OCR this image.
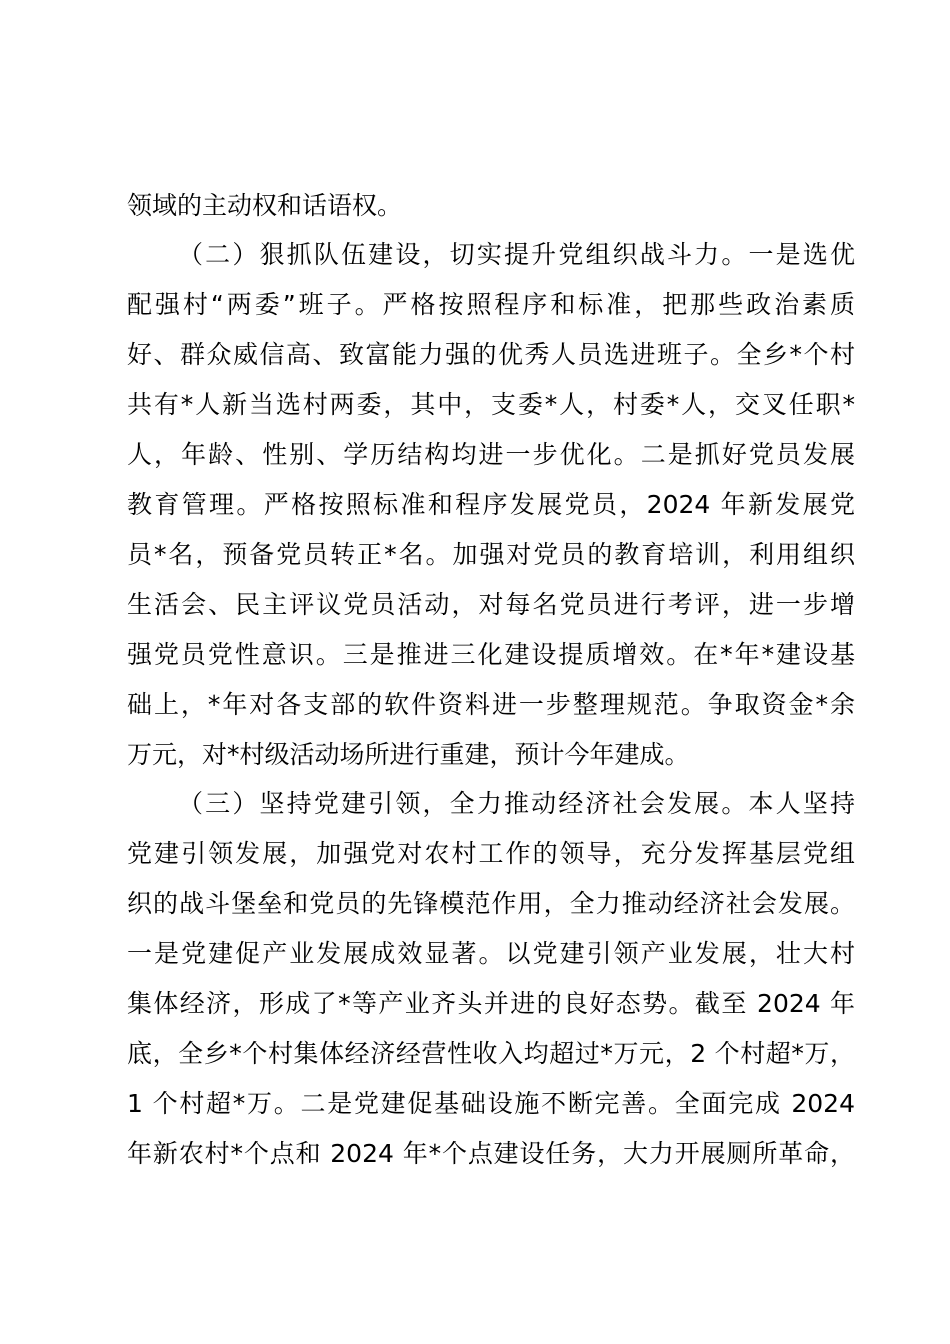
领域的主动权和话语权。
（二）狠抓队伍建设，切实提升党组织战斗力。一是选优
配强村“两委”班子。严格按照程序和标准，把那些政治素质
好、群众威信高、致富能力强的优秀人员选进班子。全乡*个村
共有*人新当选村两委，其中，支委*人，村委*人，交叉任职*
人，年龄、性别、学历结构均进一步优化。二是抓好党员发展
教育管理。严格按照标准和程序发展党员，2024 年新发展党
员*名，预备党员转正*名。加强对党员的教育培训，利用组织
生活会、民主评议党员活动，对每名党员进行考评，进一步增
强党员党性意识。三是推进三化建设提质增效。在*年*建设基
础上，*年对各支部的软件资料进一步整理规范。争取资金*余
万元，对*村级活动场所进行重建，预计今年建成。
（三）坚持党建引领，全力推动经济社会发展。本人坚持
党建引领发展，加强党对农村工作的领导，充分发挥基层党组
织的战斗堡垒和党员的先锋模范作用，全力推动经济社会发展。
一是党建促产业发展成效显著。以党建引领产业发展，壮大村
集体经济，形成了*等产业齐头并进的良好态势。截至 2024 年
底，全乡*个村集体经济经营性收入均超过*万元，2 个村超*万，
1 个村超*万。二是党建促基础设施不断完善。全面完成 2024
年新农村*个点和 2024 年*个点建设任务，大力开展厕所革命，
